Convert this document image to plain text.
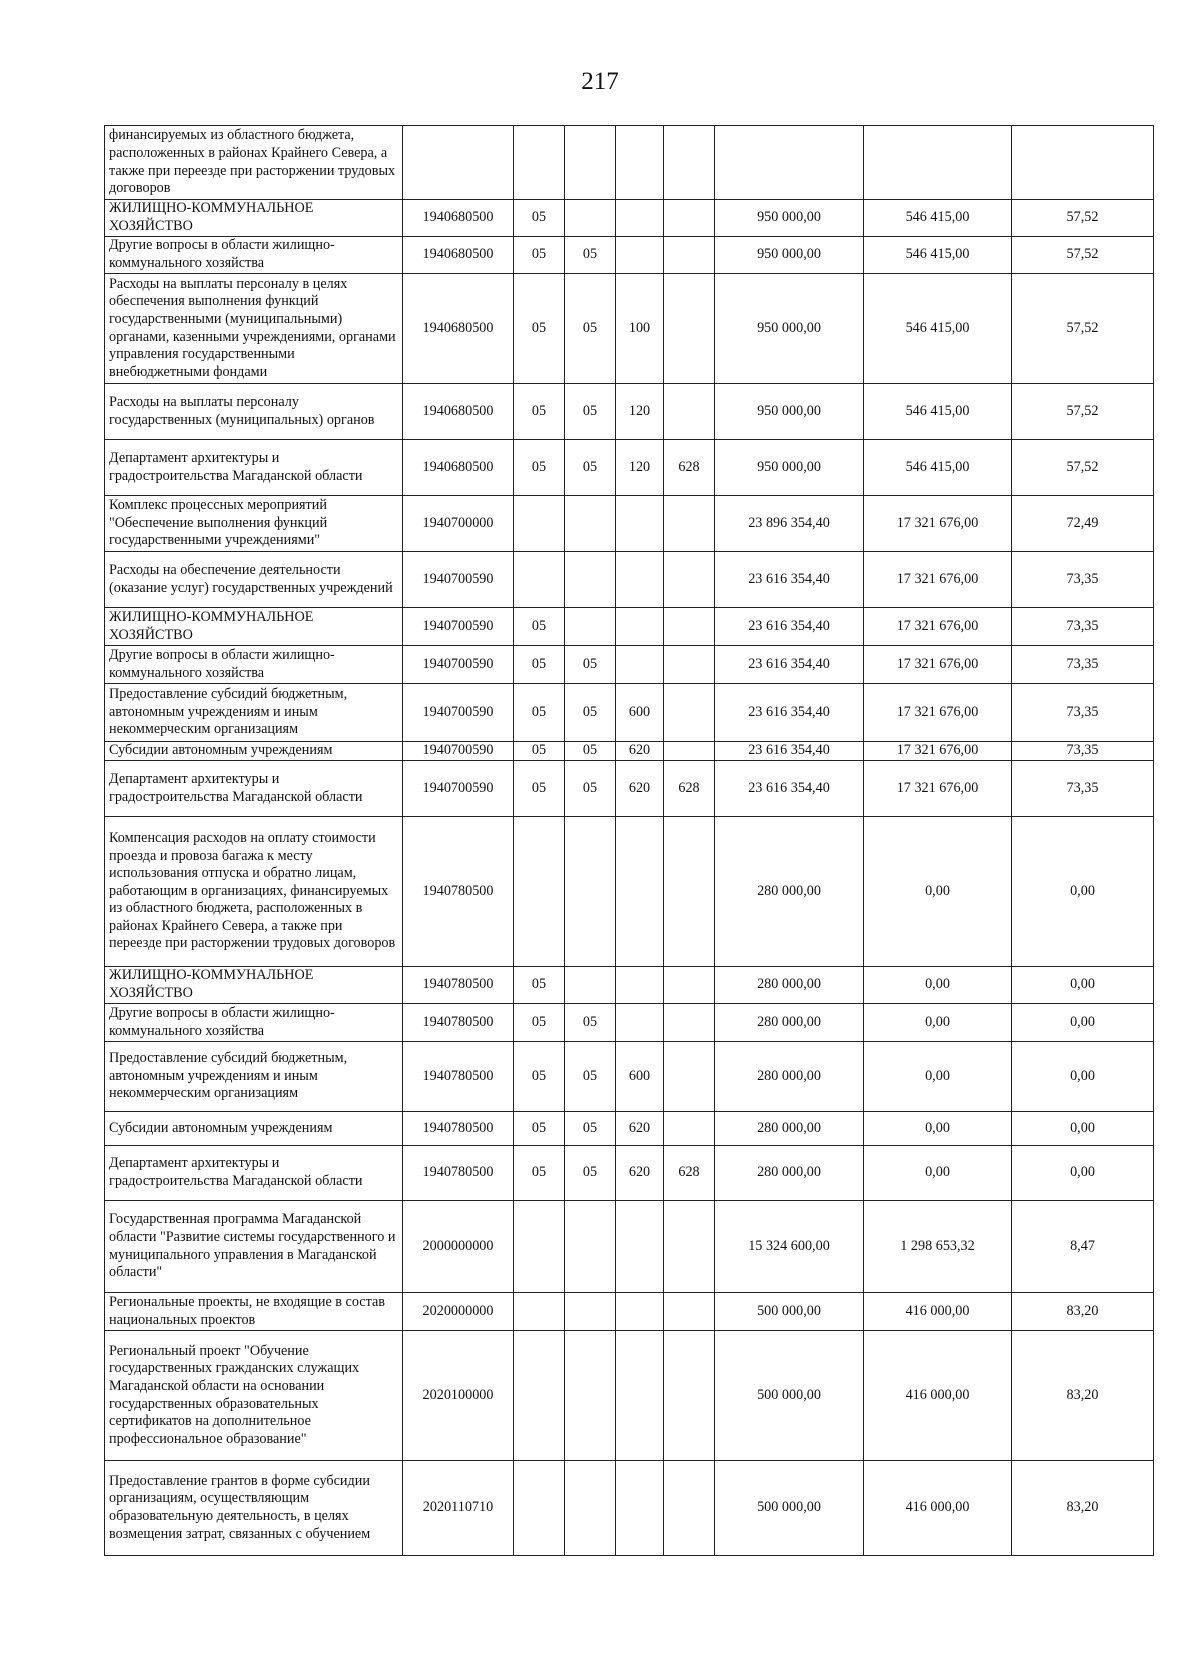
217
финансируемых из областного бюджета, расположенных в районах Крайнего Севера, а также при переезде при расторжении трудовых договоров								
ЖИЛИЩНО-КОММУНАЛЬНОЕ ХОЗЯЙСТВО	1940680500	05				950 000,00	546 415,00	57,52
Другие вопросы в области жилищно-коммунального хозяйства	1940680500	05	05			950 000,00	546 415,00	57,52
Расходы на выплаты персоналу в целях обеспечения выполнения функций государственными (муниципальными) органами, казенными учреждениями, органами управления государственными внебюджетными фондами	1940680500	05	05	100		950 000,00	546 415,00	57,52
Расходы на выплаты персоналу государственных (муниципальных) органов	1940680500	05	05	120		950 000,00	546 415,00	57,52
Департамент архитектуры и градостроительства Магаданской области	1940680500	05	05	120	628	950 000,00	546 415,00	57,52
Комплекс процессных мероприятий "Обеспечение выполнения функций государственными учреждениями"	1940700000					23 896 354,40	17 321 676,00	72,49
Расходы на обеспечение деятельности (оказание услуг) государственных учреждений	1940700590					23 616 354,40	17 321 676,00	73,35
ЖИЛИЩНО-КОММУНАЛЬНОЕ ХОЗЯЙСТВО	1940700590	05				23 616 354,40	17 321 676,00	73,35
Другие вопросы в области жилищно-коммунального хозяйства	1940700590	05	05			23 616 354,40	17 321 676,00	73,35
Предоставление субсидий бюджетным, автономным учреждениям и иным некоммерческим организациям	1940700590	05	05	600		23 616 354,40	17 321 676,00	73,35
Субсидии автономным учреждениям	1940700590	05	05	620		23 616 354,40	17 321 676,00	73,35
Департамент архитектуры и градостроительства Магаданской области	1940700590	05	05	620	628	23 616 354,40	17 321 676,00	73,35
Компенсация расходов на оплату стоимости проезда и провоза багажа к месту использования отпуска и обратно лицам, работающим в организациях, финансируемых из областного бюджета, расположенных в районах Крайнего Севера, а также при переезде при расторжении трудовых договоров	1940780500					280 000,00	0,00	0,00
ЖИЛИЩНО-КОММУНАЛЬНОЕ ХОЗЯЙСТВО	1940780500	05				280 000,00	0,00	0,00
Другие вопросы в области жилищно-коммунального хозяйства	1940780500	05	05			280 000,00	0,00	0,00
Предоставление субсидий бюджетным, автономным учреждениям и иным некоммерческим организациям	1940780500	05	05	600		280 000,00	0,00	0,00
Субсидии автономным учреждениям	1940780500	05	05	620		280 000,00	0,00	0,00
Департамент архитектуры и градостроительства Магаданской области	1940780500	05	05	620	628	280 000,00	0,00	0,00
Государственная программа Магаданской области "Развитие системы государственного и муниципального управления в Магаданской области"	2000000000					15 324 600,00	1 298 653,32	8,47
Региональные проекты, не входящие в состав национальных проектов	2020000000					500 000,00	416 000,00	83,20
Региональный проект "Обучение государственных гражданских служащих Магаданской области на основании государственных образовательных сертификатов на дополнительное профессиональное образование"	2020100000					500 000,00	416 000,00	83,20
Предоставление грантов в форме субсидии организациям, осуществляющим образовательную деятельность, в целях возмещения затрат, связанных с обучением	2020110710					500 000,00	416 000,00	83,20
